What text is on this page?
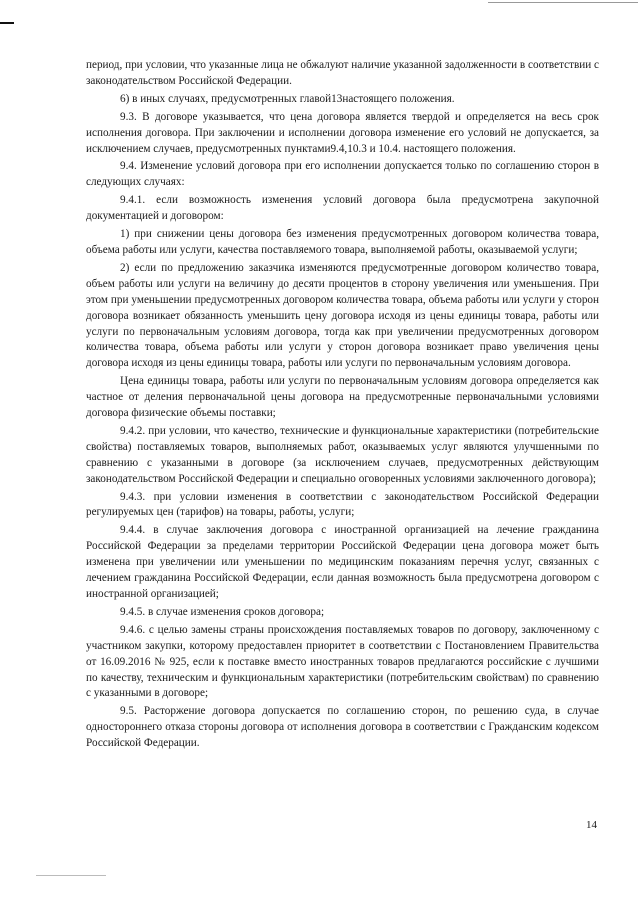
период, при условии, что указанные лица не обжалуют наличие указанной задолженности в соответствии с законодательством Российской Федерации.

6) в иных случаях, предусмотренных главой13настоящего положения.

9.3. В договоре указывается, что цена договора является твердой и определяется на весь срок исполнения договора. При заключении и исполнении договора изменение его условий не допускается, за исключением случаев, предусмотренных пунктами9.4,10.3 и 10.4. настоящего положения.

9.4. Изменение условий договора при его исполнении допускается только по соглашению сторон в следующих случаях:

9.4.1. если возможность изменения условий договора была предусмотрена закупочной документацией и договором:

1) при снижении цены договора без изменения предусмотренных договором количества товара, объема работы или услуги, качества поставляемого товара, выполняемой работы, оказываемой услуги;

2) если по предложению заказчика изменяются предусмотренные договором количество товара, объем работы или услуги на величину до десяти процентов в сторону увеличения или уменьшения. При этом при уменьшении предусмотренных договором количества товара, объема работы или услуги у сторон договора возникает обязанность уменьшить цену договора исходя из цены единицы товара, работы или услуги по первоначальным условиям договора, тогда как при увеличении предусмотренных договором количества товара, объема работы или услуги у сторон договора возникает право увеличения цены договора исходя из цены единицы товара, работы или услуги по первоначальным условиям договора.

Цена единицы товара, работы или услуги по первоначальным условиям договора определяется как частное от деления первоначальной цены договора на предусмотренные первоначальными условиями договора физические объемы поставки;

9.4.2. при условии, что качество, технические и функциональные характеристики (потребительские свойства) поставляемых товаров, выполняемых работ, оказываемых услуг являются улучшенными по сравнению с указанными в договоре (за исключением случаев, предусмотренных действующим законодательством Российской Федерации и специально оговоренных условиями заключенного договора);

9.4.3. при условии изменения в соответствии с законодательством Российской Федерации регулируемых цен (тарифов) на товары, работы, услуги;

9.4.4. в случае заключения договора с иностранной организацией на лечение гражданина Российской Федерации за пределами территории Российской Федерации цена договора может быть изменена при увеличении или уменьшении по медицинским показаниям перечня услуг, связанных с лечением гражданина Российской Федерации, если данная возможность была предусмотрена договором с иностранной организацией;

9.4.5. в случае изменения сроков договора;

9.4.6. с целью замены страны происхождения поставляемых товаров по договору, заключенному с участником закупки, которому предоставлен приоритет в соответствии с Постановлением Правительства от 16.09.2016 № 925, если к поставке вместо иностранных товаров предлагаются российские с лучшими по качеству, техническим и функциональным характеристики (потребительским свойствам) по сравнению с указанными в договоре;

9.5. Расторжение договора допускается по соглашению сторон, по решению суда, в случае одностороннего отказа стороны договора от исполнения договора в соответствии с Гражданским кодексом Российской Федерации.

14
